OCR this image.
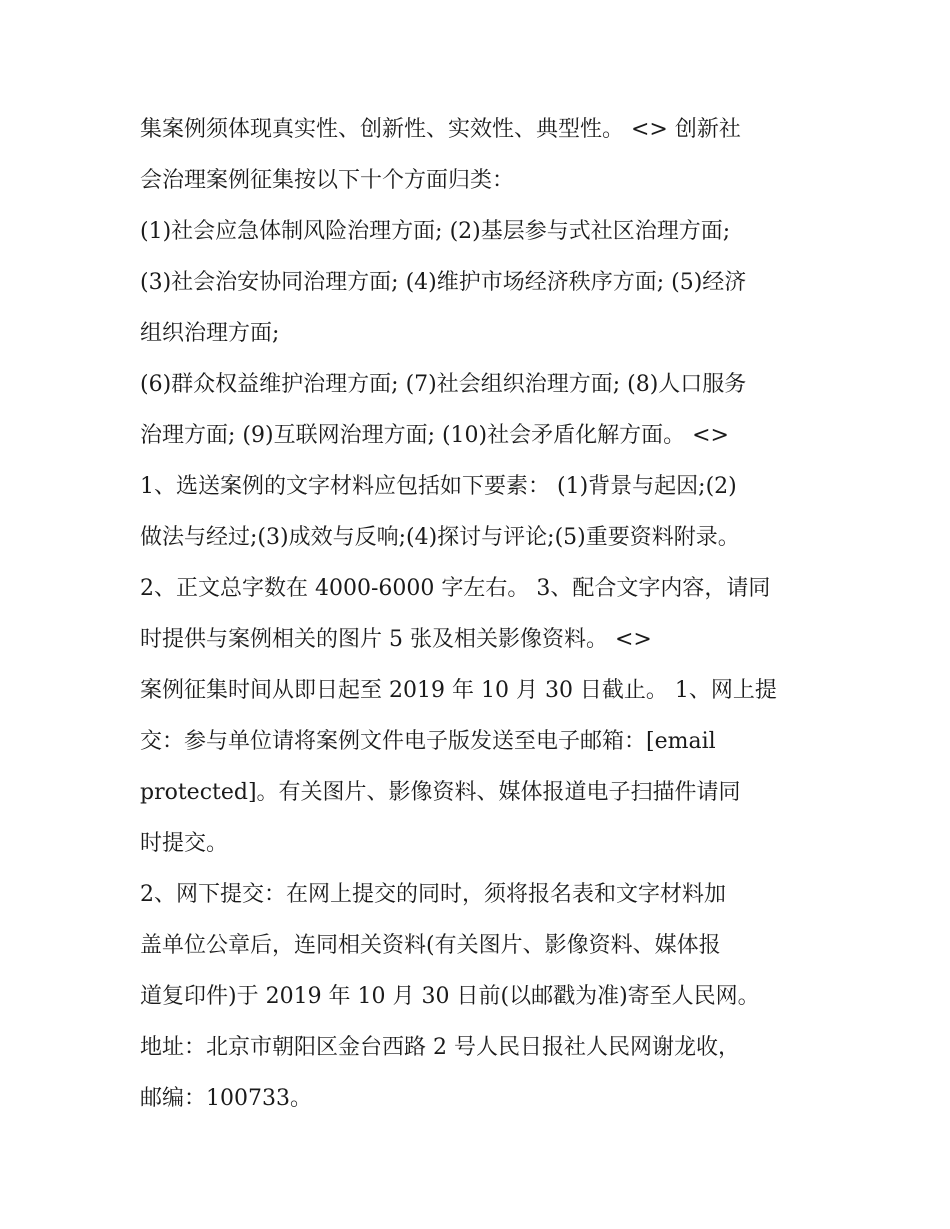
集案例须体现真实性、创新性、实效性、典型性。 <> 创新社
会治理案例征集按以下十个方面归类：
(1)社会应急体制风险治理方面; (2)基层参与式社区治理方面;
(3)社会治安协同治理方面; (4)维护市场经济秩序方面; (5)经济
组织治理方面;
(6)群众权益维护治理方面; (7)社会组织治理方面; (8)人口服务
治理方面; (9)互联网治理方面; (10)社会矛盾化解方面。 <>
1、选送案例的文字材料应包括如下要素： (1)背景与起因;(2)
做法与经过;(3)成效与反响;(4)探讨与评论;(5)重要资料附录。
2、正文总字数在 4000-6000 字左右。 3、配合文字内容，请同
时提供与案例相关的图片 5 张及相关影像资料。 <>
案例征集时间从即日起至 2019 年 10 月 30 日截止。 1、网上提
交：参与单位请将案例文件电子版发送至电子邮箱：[email
protected]。有关图片、影像资料、媒体报道电子扫描件请同
时提交。
2、网下提交：在网上提交的同时，须将报名表和文字材料加
盖单位公章后，连同相关资料(有关图片、影像资料、媒体报
道复印件)于 2019 年 10 月 30 日前(以邮戳为准)寄至人民网。
地址：北京市朝阳区金台西路 2 号人民日报社人民网谢龙收，
邮编：100733。
